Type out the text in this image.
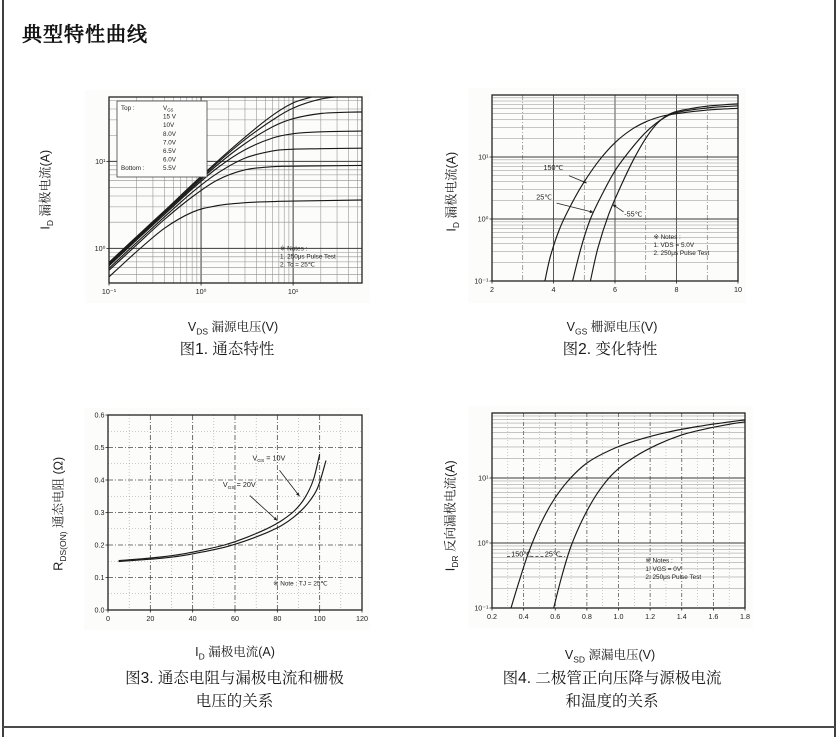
典型特性曲线
$I_D$ 漏极电流(A)
10⁻¹	10⁰	10¹
10⁰
10¹
Top :	$V_{GS}$
15 V
10V
8.0V
7.0V
6.5V
6.0V
Bottom :	5.5V
※ Notes :
1. 250μs Pulse Test
2. Tc = 25℃
$V_{DS}$ 漏源电压(V)
图1. 通态特性
$I_D$ 漏极电流(A)
2	4	6	8	10
10⁻¹
10⁰
10¹
※ Notes :
1. VDS = 5.0V
2. 250μs Pulse Test
150℃
25℃
-55℃
$V_{GS}$ 栅源电压(V)
图2. 变化特性
$R_{DS(ON)}$ 通态电阻 (Ω)
0	20	40	60	80	100	120
0.0
0.1
0.2
0.3
0.4
0.5
0.6
※ Note : TJ = 25℃
$V_{GS} = 10V$
$V_{GS} = 20V$
$I_D$ 漏极电流(A)
图3. 通态电阻与漏极电流和栅极
电压的关系
$I_{DR}$ 反向漏极电流(A)
0.2	0.4	0.6	0.8	1.0	1.2	1.4	1.6	1.8
10⁻¹
10⁰
10¹
※ Notes :
1. VGS = 0V
2. 250μs Pulse Test
150℃ 25℃
$V_{SD}$ 源漏电压(V)
图4. 二极管正向压降与源极电流
和温度的关系
